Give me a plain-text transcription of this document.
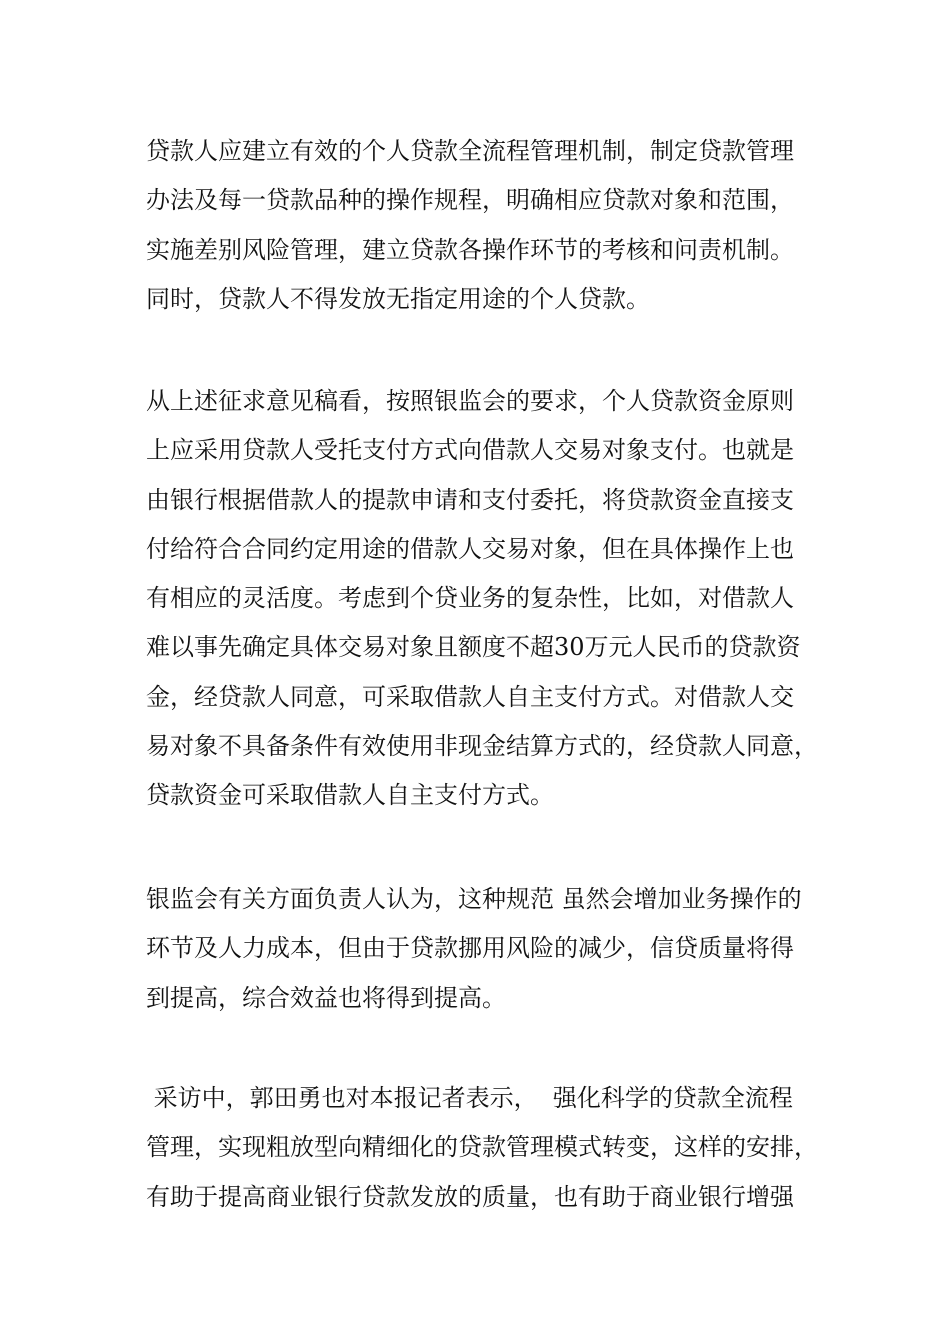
贷款人应建立有效的个人贷款全流程管理机制，制定贷款管理
办法及每一贷款品种的操作规程，明确相应贷款对象和范围，
实施差别风险管理，建立贷款各操作环节的考核和问责机制。
同时，贷款人不得发放无指定用途的个人贷款。

从上述征求意见稿看，按照银监会的要求，个人贷款资金原则
上应采用贷款人受托支付方式向借款人交易对象支付。也就是
由银行根据借款人的提款申请和支付委托，将贷款资金直接支
付给符合合同约定用途的借款人交易对象，但在具体操作上也
有相应的灵活度。考虑到个贷业务的复杂性，比如，对借款人
难以事先确定具体交易对象且额度不超30万元人民币的贷款资
金，经贷款人同意，可采取借款人自主支付方式。对借款人交
易对象不具备条件有效使用非现金结算方式的，经贷款人同意，
贷款资金可采取借款人自主支付方式。

银监会有关方面负责人认为，这种规范 虽然会增加业务操作的
环节及人力成本，但由于贷款挪用风险的减少，信贷质量将得
到提高，综合效益也将得到提高。

采访中，郭田勇也对本报记者表示，  强化科学的贷款全流程
管理，实现粗放型向精细化的贷款管理模式转变，这样的安排，
有助于提高商业银行贷款发放的质量，也有助于商业银行增强
